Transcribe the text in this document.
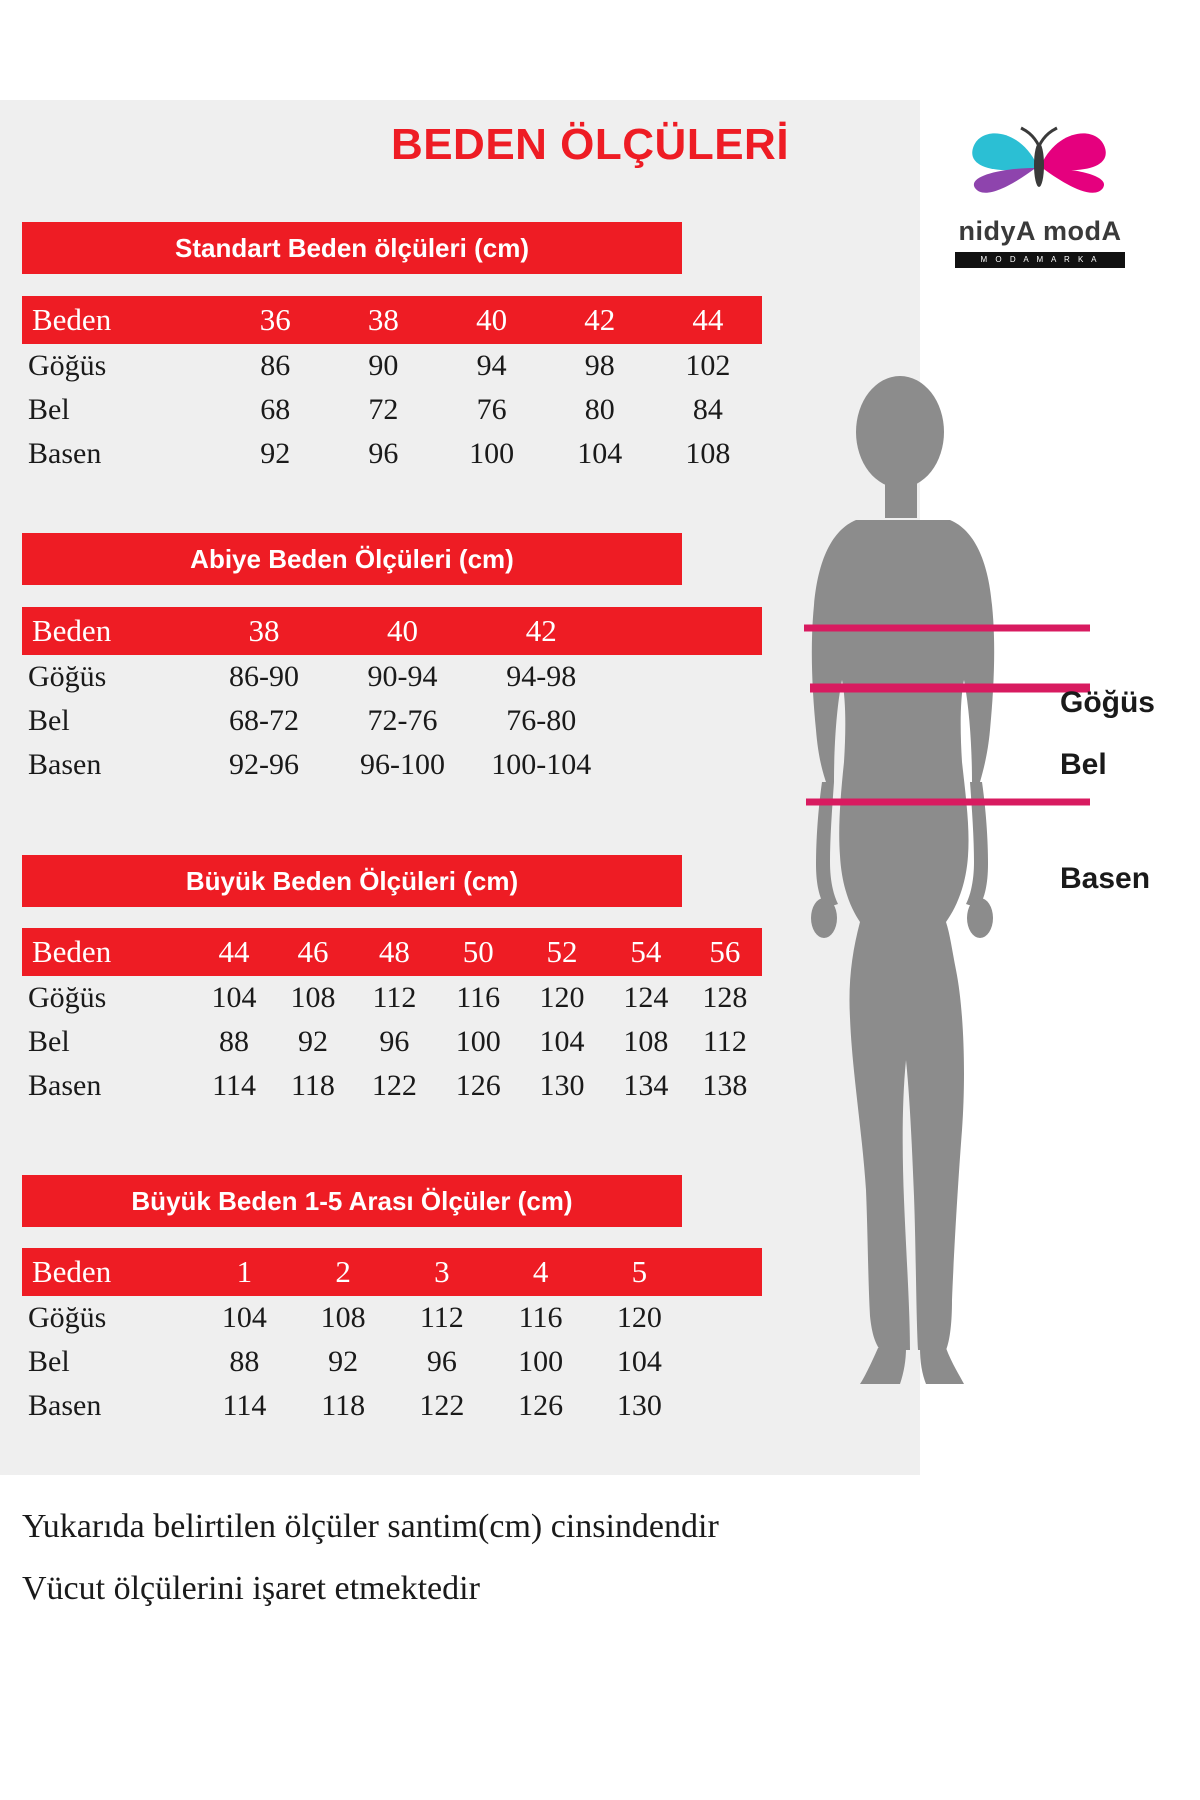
BEDEN ÖLÇÜLERİ
nidyA modA
M O D A M A R K A
Standart Beden ölçüleri (cm)
Beden	36	38	40	42	44
Göğüs	86	90	94	98	102
Bel	68	72	76	80	84
Basen	92	96	100	104	108
Abiye Beden Ölçüleri (cm)
Beden	38	40	42	
Göğüs	86-90	90-94	94-98	
Bel	68-72	72-76	76-80	
Basen	92-96	96-100	100-104	
Büyük Beden Ölçüleri (cm)
Beden	44	46	48	50	52	54	56
Göğüs	104	108	112	116	120	124	128
Bel	88	92	96	100	104	108	112
Basen	114	118	122	126	130	134	138
Büyük Beden 1-5 Arası Ölçüler (cm)
Beden	1	2	3	4	5	
Göğüs	104	108	112	116	120	
Bel	88	92	96	100	104	
Basen	114	118	122	126	130	
Göğüs
Bel
Basen
Yukarıda belirtilen ölçüler santim(cm) cinsindendir
Vücut ölçülerini işaret etmektedir
